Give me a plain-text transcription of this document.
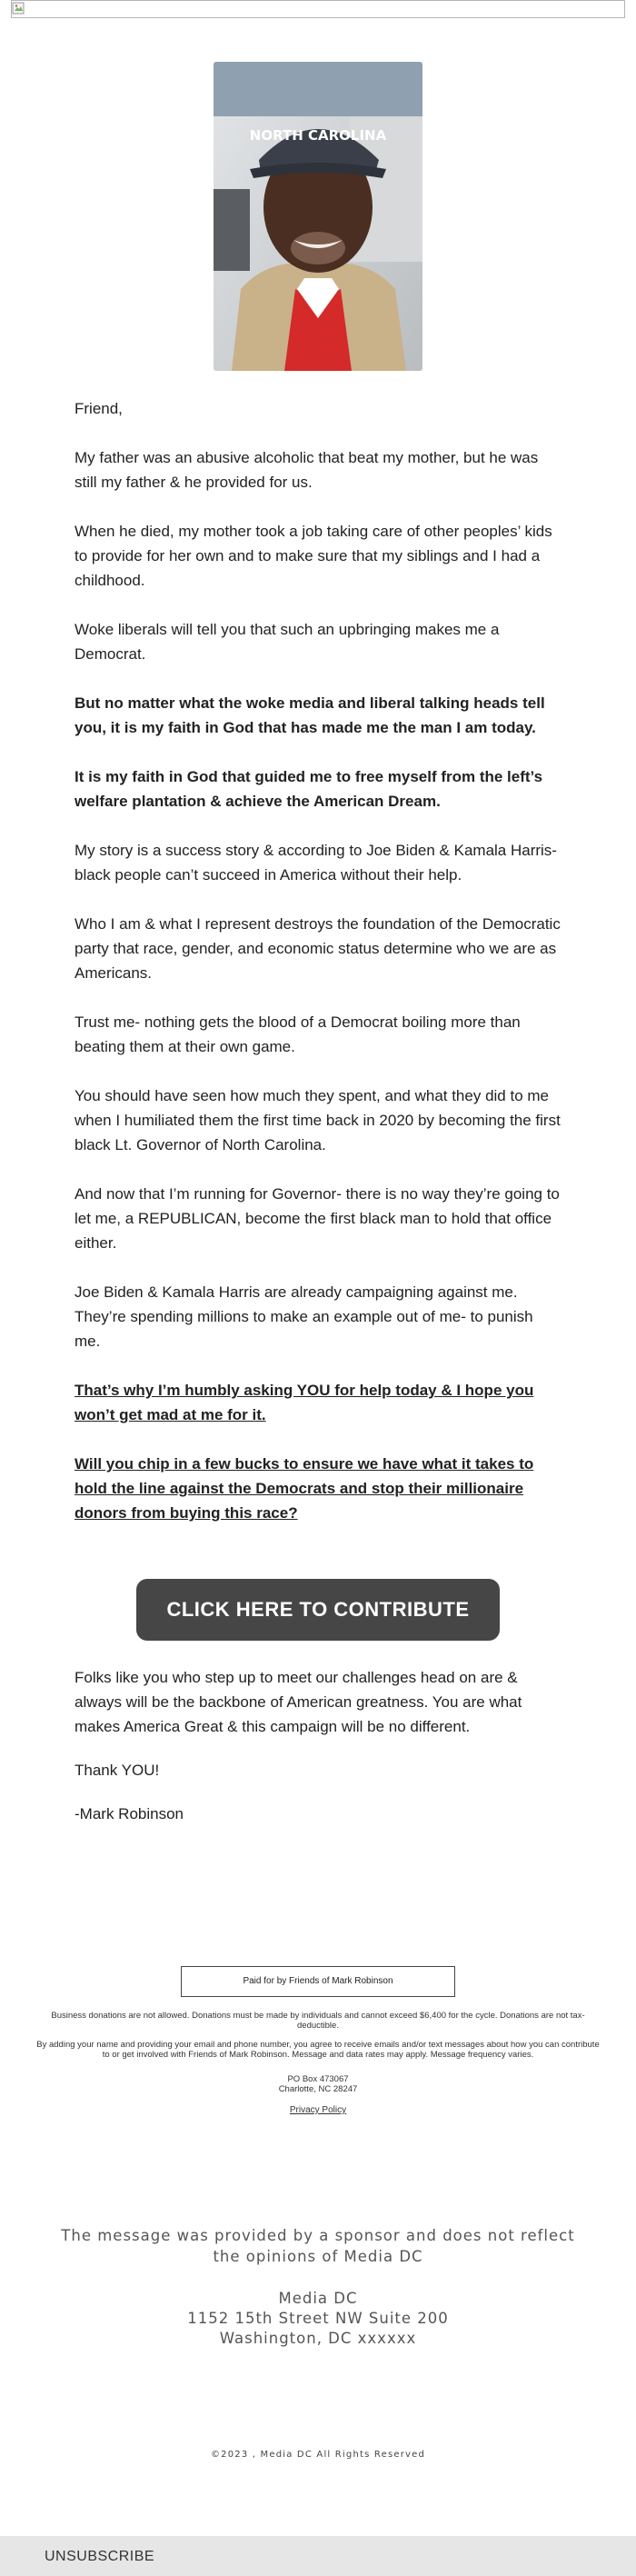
NORTH CAROLINA

Friend,

My father was an abusive alcoholic that beat my mother, but he was still my father & he provided for us.

When he died, my mother took a job taking care of other peoples’ kids to provide for her own and to make sure that my siblings and I had a childhood.

Woke liberals will tell you that such an upbringing makes me a Democrat.

But no matter what the woke media and liberal talking heads tell you, it is my faith in God that has made me the man I am today.

It is my faith in God that guided me to free myself from the left’s welfare plantation & achieve the American Dream.

My story is a success story & according to Joe Biden & Kamala Harris- black people can’t succeed in America without their help.

Who I am & what I represent destroys the foundation of the Democratic party that race, gender, and economic status determine who we are as Americans.

Trust me- nothing gets the blood of a Democrat boiling more than beating them at their own game.

You should have seen how much they spent, and what they did to me when I humiliated them the first time back in 2020 by becoming the first black Lt. Governor of North Carolina.

And now that I’m running for Governor- there is no way they’re going to let me, a REPUBLICAN, become the first black man to hold that office either.

Joe Biden & Kamala Harris are already campaigning against me. They’re spending millions to make an example out of me- to punish me.

That’s why I’m humbly asking YOU for help today & I hope you won’t get mad at me for it.

Will you chip in a few bucks to ensure we have what it takes to hold the line against the Democrats and stop their millionaire donors from buying this race?

CLICK HERE TO CONTRIBUTE

Folks like you who step up to meet our challenges head on are & always will be the backbone of American greatness. You are what makes America Great & this campaign will be no different.

Thank YOU!

-Mark Robinson

Paid for by Friends of Mark Robinson
Business donations are not allowed. Donations must be made by individuals and cannot exceed $6,400 for the cycle. Donations are not tax-deductible.
By adding your name and providing your email and phone number, you agree to receive emails and/or text messages about how you can contribute to or get involved with Friends of Mark Robinson. Message and data rates may apply. Message frequency varies.
PO Box 473067
Charlotte, NC 28247
Privacy Policy
The message was provided by a sponsor and does not reflect the opinions of Media DC
Media DC
1152 15th Street NW Suite 200
Washington, DC xxxxxx
©2023 , Media DC All Rights Reserved
UNSUBSCRIBE
